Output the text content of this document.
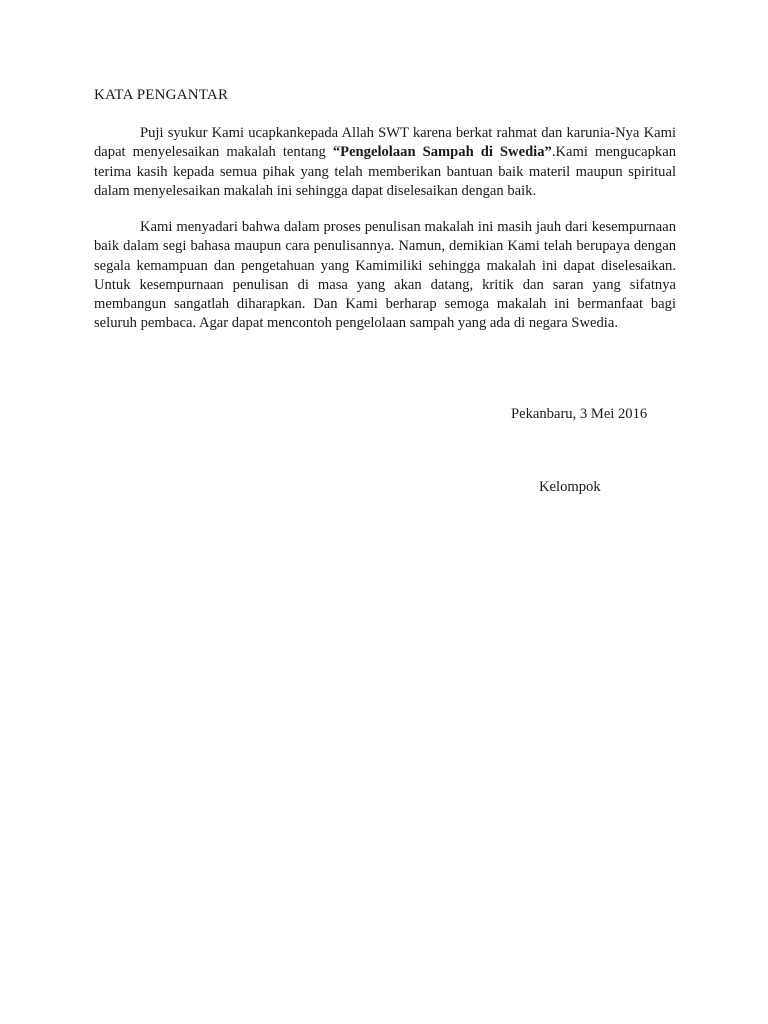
KATA PENGANTAR

Puji syukur Kami ucapkankepada Allah SWT karena berkat rahmat dan karunia-Nya Kami dapat menyelesaikan makalah tentang “Pengelolaan Sampah di Swedia”.Kami mengucapkan terima kasih kepada semua pihak yang telah memberikan bantuan baik materil maupun spiritual dalam menyelesaikan makalah ini sehingga dapat diselesaikan dengan baik.

Kami menyadari bahwa dalam proses penulisan makalah ini masih jauh dari kesempurnaan baik dalam segi bahasa maupun cara penulisannya. Namun, demikian Kami telah berupaya dengan segala kemampuan dan pengetahuan yang Kamimiliki sehingga makalah ini dapat diselesaikan. Untuk kesempurnaan penulisan di masa yang akan datang, kritik dan saran yang sifatnya membangun sangatlah diharapkan. Dan Kami berharap semoga makalah ini bermanfaat bagi seluruh pembaca. Agar dapat mencontoh pengelolaan sampah yang ada di negara Swedia.

Pekanbaru, 3 Mei 2016

Kelompok
